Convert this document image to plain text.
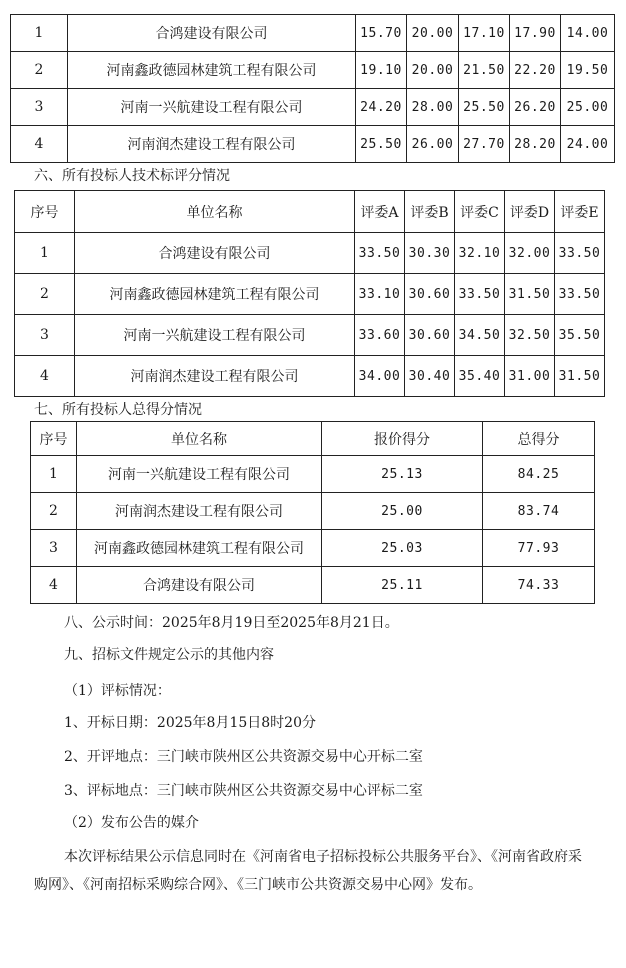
1	合鸿建设有限公司	15.70	20.00	17.10	17.90	14.00
2	河南鑫政德园林建筑工程有限公司	19.10	20.00	21.50	22.20	19.50
3	河南一兴航建设工程有限公司	24.20	28.00	25.50	26.20	25.00
4	河南润杰建设工程有限公司	25.50	26.00	27.70	28.20	24.00
六、所有投标人技术标评分情况
序号	单位名称	评委A	评委B	评委C	评委D	评委E
1	合鸿建设有限公司	33.50	30.30	32.10	32.00	33.50
2	河南鑫政德园林建筑工程有限公司	33.10	30.60	33.50	31.50	33.50
3	河南一兴航建设工程有限公司	33.60	30.60	34.50	32.50	35.50
4	河南润杰建设工程有限公司	34.00	30.40	35.40	31.00	31.50
七、所有投标人总得分情况
序号	单位名称	报价得分	总得分
1	河南一兴航建设工程有限公司	25.13	84.25
2	河南润杰建设工程有限公司	25.00	83.74
3	河南鑫政德园林建筑工程有限公司	25.03	77.93
4	合鸿建设有限公司	25.11	74.33
八、公示时间：2025年8月19日至2025年8月21日。
九、招标文件规定公示的其他内容
（1）评标情况：
1、开标日期：2025年8月15日8时20分
2、开评地点：三门峡市陕州区公共资源交易中心开标二室
3、评标地点：三门峡市陕州区公共资源交易中心评标二室
（2）发布公告的媒介
本次评标结果公示信息同时在《河南省电子招标投标公共服务平台》、《河南省政府采购网》、《河南招标采购综合网》、《三门峡市公共资源交易中心网》发布。
